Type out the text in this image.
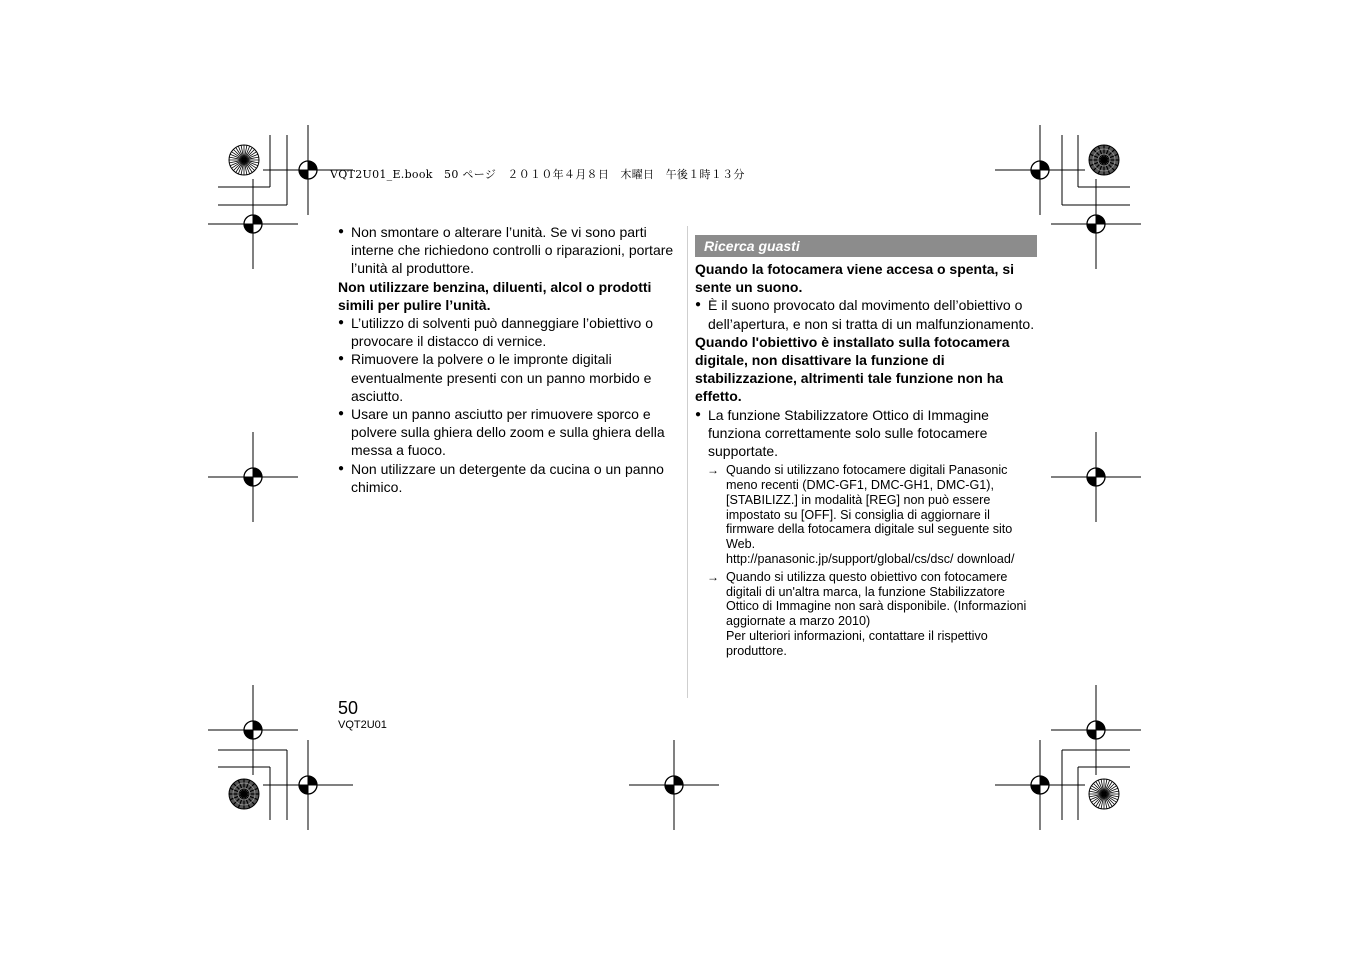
VQT2U01_E.book　50 ページ　２０１０年４月８日　木曜日　午後１時１３分
● Non smontare o alterare l’unità. Se vi sono parti interne che richiedono controlli o riparazioni, portare l’unità al produttore.
Non utilizzare benzina, diluenti, alcol o prodotti simili per pulire l’unità.
● L’utilizzo di solventi può danneggiare l’obiettivo o provocare il distacco di vernice.
● Rimuovere la polvere o le impronte digitali eventualmente presenti con un panno morbido e asciutto.
● Usare un panno asciutto per rimuovere sporco e polvere sulla ghiera dello zoom e sulla ghiera della messa a fuoco.
● Non utilizzare un detergente da cucina o un panno chimico.
Ricerca guasti
Quando la fotocamera viene accesa o spenta, si sente un suono.
● È il suono provocato dal movimento dell’obiettivo o dell’apertura, e non si tratta di un malfunzionamento.
Quando l'obiettivo è installato sulla fotocamera digitale, non disattivare la funzione di stabilizzazione, altrimenti tale funzione non ha effetto.
● La funzione Stabilizzatore Ottico di Immagine funziona correttamente solo sulle fotocamere supportate.
→ Quando si utilizzano fotocamere digitali Panasonic meno recenti (DMC-GF1, DMC-GH1, DMC-G1), [STABILIZZ.] in modalità [REG] non può essere impostato su [OFF]. Si consiglia di aggiornare il firmware della fotocamera digitale sul seguente sito Web.
http://panasonic.jp/support/global/cs/dsc/ download/
→ Quando si utilizza questo obiettivo con fotocamere digitali di un'altra marca, la funzione Stabilizzatore Ottico di Immagine non sarà disponibile. (Informazioni aggiornate a marzo 2010)
Per ulteriori informazioni, contattare il rispettivo produttore.
50
VQT2U01
